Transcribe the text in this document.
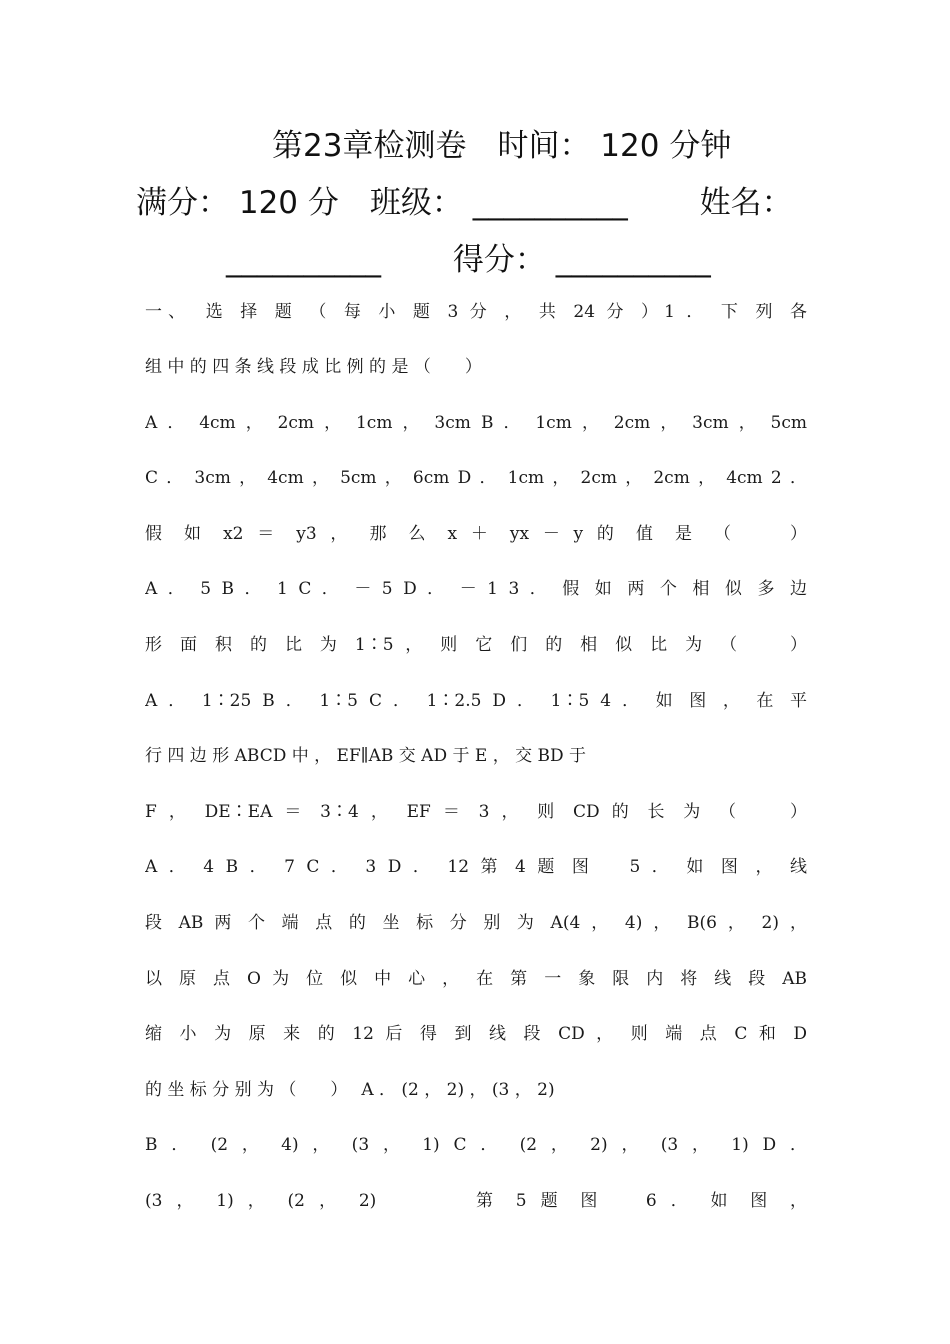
第23章检测卷　时间： 120 分钟
满分： 120 分　班级： __________ 　　姓名：
__________ 　　得分： __________
一、　选 择 题 （ 每 小 题 3 分 ， 共 24 分 ）1 ． 下 列 各
组 中 的 四 条 线 段 成 比 例 的 是 （　　）
A ． 4cm ， 2cm ， 1cm ， 3cm B ． 1cm ， 2cm ， 3cm ， 5cm
C ． 3cm ， 4cm ， 5cm ， 6cm D ． 1cm ， 2cm ， 2cm ， 4cm 2 ．
假 如 x2 ＝ y3 ， 那 么 x ＋ yx － y 的 值 是 （　　）
A ． 5 B ． 1 C ． － 5 D ． － 1 3 ． 假 如 两 个 相 似 多 边
形 面 积 的 比 为 1∶5 ， 则 它 们 的 相 似 比 为 （　　）
A ． 1∶25 B ． 1∶5 C ． 1∶2.5 D ． 1∶5 4 ． 如 图 ， 在 平
行 四 边 形 ABCD 中 ， EF∥AB 交 AD 于 E ， 交 BD 于
F ， DE∶EA ＝ 3∶4 ， EF ＝ 3 ， 则 CD 的 长 为 （　　）
A ． 4 B ． 7 C ． 3 D ． 12 第 4 题 图　 5 ． 如 图 ， 线
段 AB 两 个 端 点 的 坐 标 分 别 为 A(4 ， 4) ， B(6 ， 2) ，
以 原 点 O 为 位 似 中 心 ， 在 第 一 象 限 内 将 线 段 AB
缩 小 为 原 来 的 12 后 得 到 线 段 CD ， 则 端 点 C 和 D
的 坐 标 分 别 为 （　　）　 A ． (2 ， 2) ， (3 ， 2)
B ． (2 ， 4) ， (3 ， 1) C ． (2 ， 2) ， (3 ， 1) D ．
(3 ， 1) ， (2 ， 2)　　　 第 5 题 图　 6 ． 如 图 ，
